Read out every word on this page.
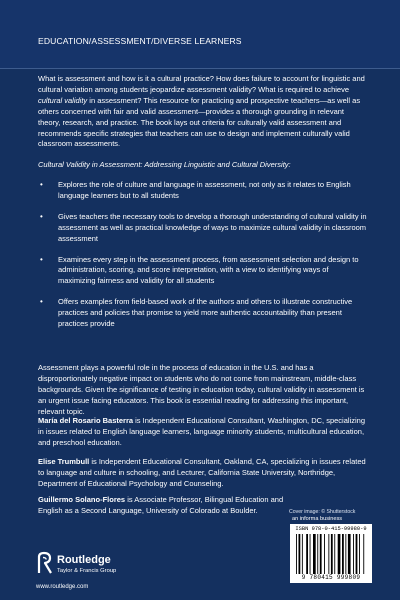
EDUCATION/ASSESSMENT/DIVERSE LEARNERS

What is assessment and how is it a cultural practice? How does failure to account for linguistic and cultural variation among students jeopardize assessment validity? What is required to achieve cultural validity in assessment? This resource for practicing and prospective teachers—as well as others concerned with fair and valid assessment—provides a thorough grounding in relevant theory, research, and practice. The book lays out criteria for culturally valid assessment and recommends specific strategies that teachers can use to design and implement culturally valid classroom assessments.

Cultural Validity in Assessment: Addressing Linguistic and Cultural Diversity:
• Explores the role of culture and language in assessment, not only as it relates to English language learners but to all students
• Gives teachers the necessary tools to develop a thorough understanding of cultural validity in assessment as well as practical knowledge of ways to maximize cultural validity in classroom assessment
• Examines every step in the assessment process, from assessment selection and design to administration, scoring, and score interpretation, with a view to identifying ways of maximizing fairness and validity for all students
• Offers examples from field-based work of the authors and others to illustrate constructive practices and policies that promise to yield more authentic accountability than present practices provide

Assessment plays a powerful role in the process of education in the U.S. and has a disproportionately negative impact on students who do not come from mainstream, middle-class backgrounds. Given the significance of testing in education today, cultural validity in assessment is an urgent issue facing educators. This book is essential reading for addressing this important, relevant topic.

María del Rosario Basterra is Independent Educational Consultant, Washington, DC, specializing in issues related to English language learners, language minority students, multicultural education, and preschool education.

Elise Trumbull is Independent Educational Consultant, Oakland, CA, specializing in issues related to language and culture in schooling, and Lecturer, California State University, Northridge, Department of Educational Psychology and Counseling.

Guillermo Solano-Flores is Associate Professor, Bilingual Education and English as a Second Language, University of Colorado at Boulder.	Cover image: © Shutterstock
an informa business
ISBN 978-0-415-99980-9
9 780415 999809
Routledge
Taylor & Francis Group
www.routledge.com
